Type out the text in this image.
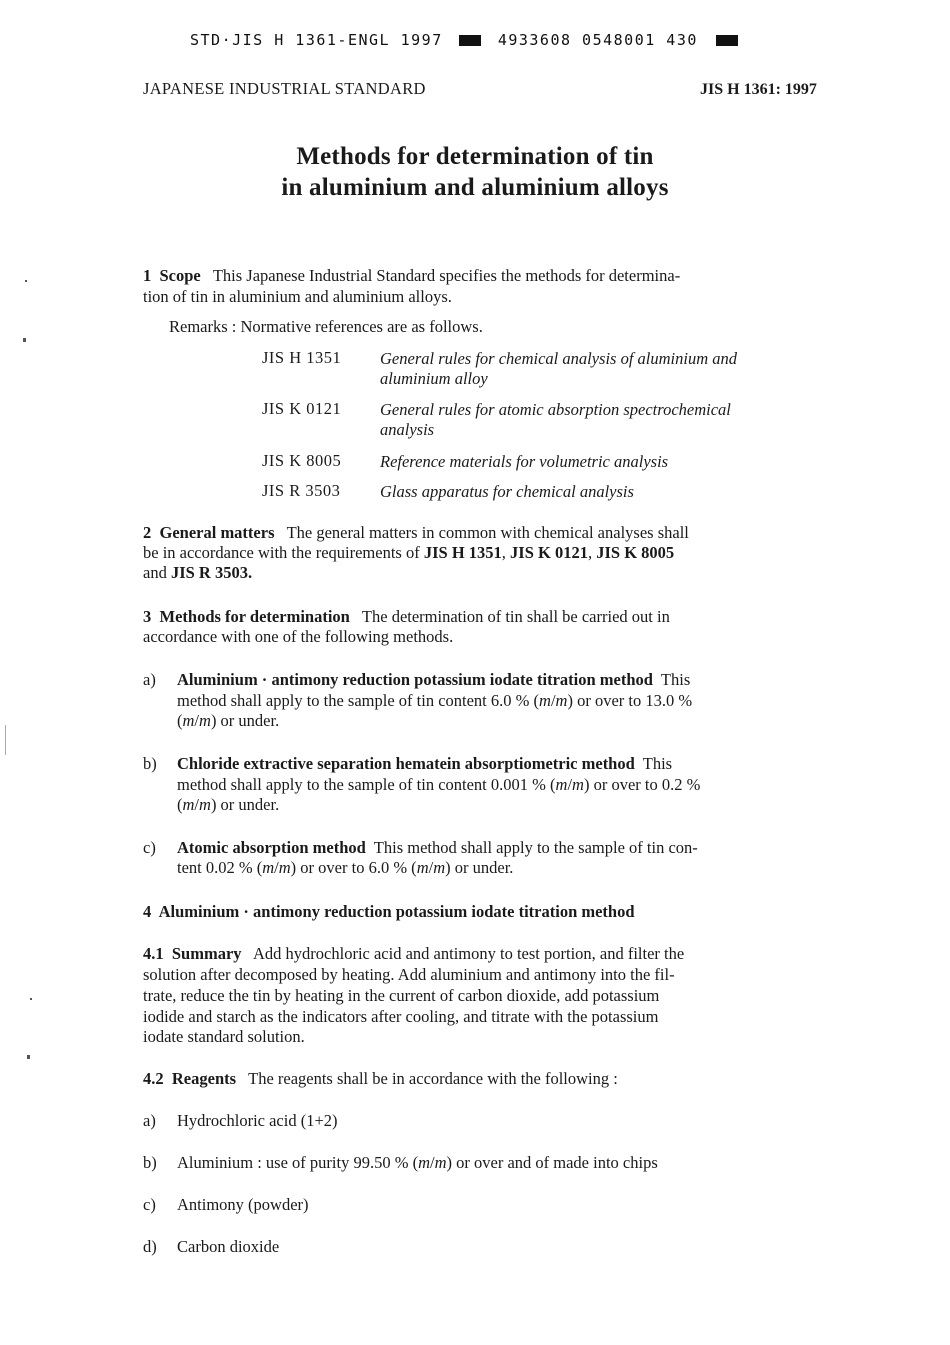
STD·JIS H 1361-ENGL 1997	4933608 0548001 430
JAPANESE INDUSTRIAL STANDARD	JIS H 1361: 1997
Methods for determination of tin
in aluminium and aluminium alloys
1 Scope This Japanese Industrial Standard specifies the methods for determina-
tion of tin in aluminium and aluminium alloys.
Remarks : Normative references are as follows.
JIS H 1351 General rules for chemical analysis of aluminium and
aluminium alloy
JIS K 0121 General rules for atomic absorption spectrochemical
analysis
JIS K 8005 Reference materials for volumetric analysis
JIS R 3503 Glass apparatus for chemical analysis
2 General matters The general matters in common with chemical analyses shall
be in accordance with the requirements of JIS H 1351, JIS K 0121, JIS K 8005
and JIS R 3503.
3 Methods for determination The determination of tin shall be carried out in
accordance with one of the following methods.
a) Aluminium · antimony reduction potassium iodate titration method This
method shall apply to the sample of tin content 6.0 % (m/m) or over to 13.0 %
(m/m) or under.
b) Chloride extractive separation hematein absorptiometric method This
method shall apply to the sample of tin content 0.001 % (m/m) or over to 0.2 %
(m/m) or under.
c) Atomic absorption method This method shall apply to the sample of tin con-
tent 0.02 % (m/m) or over to 6.0 % (m/m) or under.
4 Aluminium · antimony reduction potassium iodate titration method
4.1 Summary Add hydrochloric acid and antimony to test portion, and filter the
solution after decomposed by heating. Add aluminium and antimony into the fil-
trate, reduce the tin by heating in the current of carbon dioxide, add potassium
iodide and starch as the indicators after cooling, and titrate with the potassium
iodate standard solution.
4.2 Reagents The reagents shall be in accordance with the following :
a) Hydrochloric acid (1+2)
b) Aluminium : use of purity 99.50 % (m/m) or over and of made into chips
c) Antimony (powder)
d) Carbon dioxide
